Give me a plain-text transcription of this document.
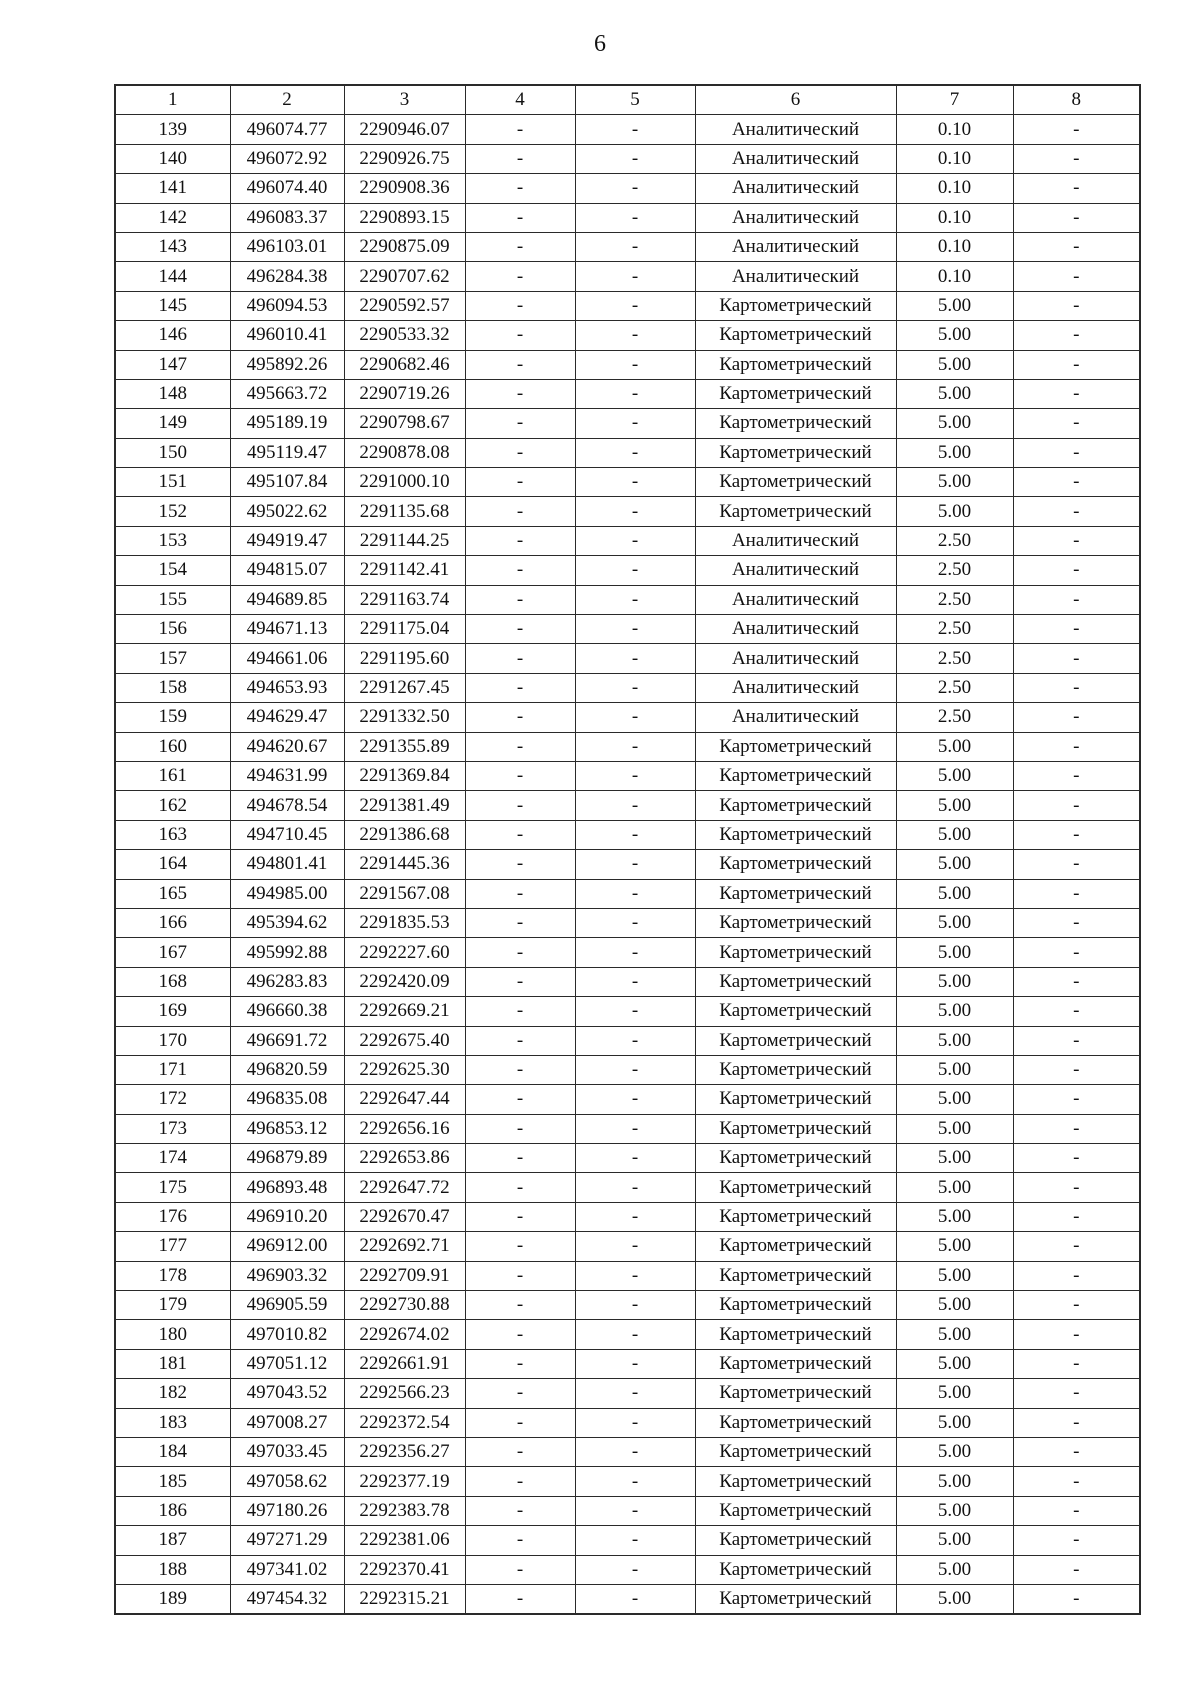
6
1	2	3	4	5	6	7	8
139	496074.77	2290946.07	-	-	Аналитический	0.10	-
140	496072.92	2290926.75	-	-	Аналитический	0.10	-
141	496074.40	2290908.36	-	-	Аналитический	0.10	-
142	496083.37	2290893.15	-	-	Аналитический	0.10	-
143	496103.01	2290875.09	-	-	Аналитический	0.10	-
144	496284.38	2290707.62	-	-	Аналитический	0.10	-
145	496094.53	2290592.57	-	-	Картометрический	5.00	-
146	496010.41	2290533.32	-	-	Картометрический	5.00	-
147	495892.26	2290682.46	-	-	Картометрический	5.00	-
148	495663.72	2290719.26	-	-	Картометрический	5.00	-
149	495189.19	2290798.67	-	-	Картометрический	5.00	-
150	495119.47	2290878.08	-	-	Картометрический	5.00	-
151	495107.84	2291000.10	-	-	Картометрический	5.00	-
152	495022.62	2291135.68	-	-	Картометрический	5.00	-
153	494919.47	2291144.25	-	-	Аналитический	2.50	-
154	494815.07	2291142.41	-	-	Аналитический	2.50	-
155	494689.85	2291163.74	-	-	Аналитический	2.50	-
156	494671.13	2291175.04	-	-	Аналитический	2.50	-
157	494661.06	2291195.60	-	-	Аналитический	2.50	-
158	494653.93	2291267.45	-	-	Аналитический	2.50	-
159	494629.47	2291332.50	-	-	Аналитический	2.50	-
160	494620.67	2291355.89	-	-	Картометрический	5.00	-
161	494631.99	2291369.84	-	-	Картометрический	5.00	-
162	494678.54	2291381.49	-	-	Картометрический	5.00	-
163	494710.45	2291386.68	-	-	Картометрический	5.00	-
164	494801.41	2291445.36	-	-	Картометрический	5.00	-
165	494985.00	2291567.08	-	-	Картометрический	5.00	-
166	495394.62	2291835.53	-	-	Картометрический	5.00	-
167	495992.88	2292227.60	-	-	Картометрический	5.00	-
168	496283.83	2292420.09	-	-	Картометрический	5.00	-
169	496660.38	2292669.21	-	-	Картометрический	5.00	-
170	496691.72	2292675.40	-	-	Картометрический	5.00	-
171	496820.59	2292625.30	-	-	Картометрический	5.00	-
172	496835.08	2292647.44	-	-	Картометрический	5.00	-
173	496853.12	2292656.16	-	-	Картометрический	5.00	-
174	496879.89	2292653.86	-	-	Картометрический	5.00	-
175	496893.48	2292647.72	-	-	Картометрический	5.00	-
176	496910.20	2292670.47	-	-	Картометрический	5.00	-
177	496912.00	2292692.71	-	-	Картометрический	5.00	-
178	496903.32	2292709.91	-	-	Картометрический	5.00	-
179	496905.59	2292730.88	-	-	Картометрический	5.00	-
180	497010.82	2292674.02	-	-	Картометрический	5.00	-
181	497051.12	2292661.91	-	-	Картометрический	5.00	-
182	497043.52	2292566.23	-	-	Картометрический	5.00	-
183	497008.27	2292372.54	-	-	Картометрический	5.00	-
184	497033.45	2292356.27	-	-	Картометрический	5.00	-
185	497058.62	2292377.19	-	-	Картометрический	5.00	-
186	497180.26	2292383.78	-	-	Картометрический	5.00	-
187	497271.29	2292381.06	-	-	Картометрический	5.00	-
188	497341.02	2292370.41	-	-	Картометрический	5.00	-
189	497454.32	2292315.21	-	-	Картометрический	5.00	-
